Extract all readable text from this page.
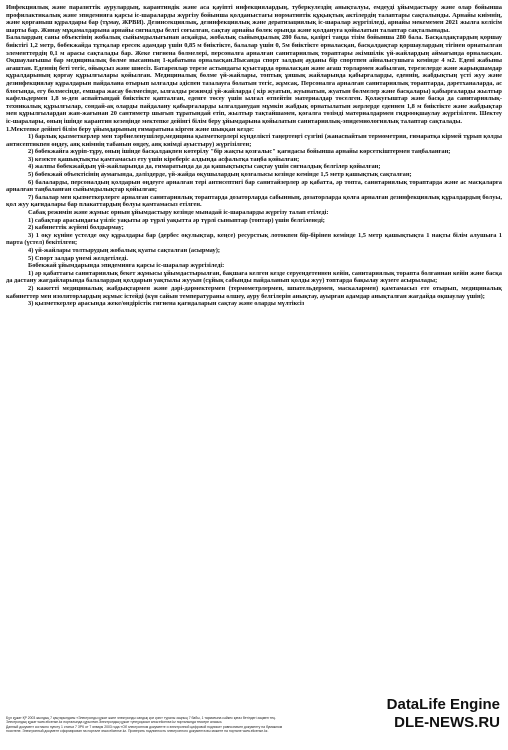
Инфекциялық және паразиттік аурулардың, карантиндік және аса қауіпті инфекциялардың, туберкулездің анықталуы, емдеуді ұйымдастыру және олар бойынша профилактикалық және эпидемияға қарсы іс-шараларды жүргізу бойынша қолданыстағы нормативтік құқықтық актілердің талаптары сақталынды. Арнайы киімнің, және қорғаныш құралдары бар (тұмау, ЖРВИ). Дезинсекциялық, дезинфекциялық және дератизациялық іс-шаралар жүргізіледі, арнайы мекемемен 2021 жылға келісім шарты бар. Жинау мұқамалдарына арнайы сигналды белгі соғылған, сақтау арнайы бөлек орында және қолдануға қойылатын талаптар сақталынады.

Балалардың саны объектінің жобалық сыйымдылығынан асқайды, жобалық сыйымдылық 280 бала, қазіргі таңда тізім бойынша 280 бала. Басқалдақтардың қоршау биіктігі 1,2 метр, бөбекжайда тұтқалар ересек адамдар үшін 0,85 м биіктікте, балалар үшін 0, 5м биіктікте орналасқан, басқалдақтар қоршаулардың тігінен орнатылған элементтердің 0,1 м арасы сақталады бар. Жеке гигиена бөлмелері, персоналға арналған санитариялық тораптары әкімшілік үй-жайлардың аймағында орналасқан. Оқшаулағышы бар медициналық бөлме нысанның 1-қабатына орналасқан.Нысанда спорт залдың ауданы бір спортпен айналысушыға кемінде 4 м2. Еденi жабыны ағаштан. Еденнің беті тегіс, ойықсыз және шиесіз. Батареялар терезе астындағы қуыстарда орналасқан және ағаш торлармен жабылған, терезелерде және жарықшамдар құралдарының қорғау құрылғылары қойылған. Медициналық бөлме үй-жайлары, топтық ұяшық жайларында қабырғаларды, еденнің, жабдықтың үсті жуу және дезинфекциялау құралдарын пайдалана отырып ылғалды әдіспен тазалауға болатын тегіс, жұмсақ. Персоналға арналған санитариялық тораптарда, дәретханаларда, ас блогында, егу бөлмесінде, емшара жасау бөлмесінде, ылғалды режимді үй-жайларда ( кір жуатын, жуынатын, жуатын бөлмелер және басқалары) қабырғаларды жылтыр кафельдермен 1,8 м-ден аспайтындай биіктікте қапталған, еденге төсеу үшін ылғал өтпейтін материалдар төселген. Қолжуғыштар және басқа да санитариялық-техникалық құрылғылар, сондай-ақ оларды пайдалану қабырғаларды ылғалданудан мұмкін жабдық орнатылатын жерлерде еденнен 1,8 м биіктікте және жабдықтар мен құрылғылардан жан-жағынан 20 сантиметр шығып тұратындай етіп, жылтыр тақтайшамен, қоғалға төзімді материалдармен гидрооқшаулау жүргізілген. Шектеу іс-шаралары, оның ішінде карантин кезеңінде мектепке дейінгі білім беру ұйымдарына қойылатын санитариялық-эпидемиологиялық талаптар сақталады.

1.Мектепке дейінгі білім беру ұйымдарының ғимаратына кірген және шыққан кезде:

1) барлық қызметкерлер мен тәрбиеленушілер,медицина қызметкерлері күнделікті таңертеңгі сүзгіні (жанаспайтын термометрия, ғимаратқа кірмей тұрып қолды антисептикпен өңдеу, аяқ киімнің табанын өңдеу, аяқ киімді ауыстыру) жүргізілген;

2) бөбекжайға жүріп-тұру, оның ішінде басқалдақпен көтерілу "бір жақты қозғалыс" қағидасы бойынша арнайы көрсеткіштермен таңбаланған;

3) кезекте қашықтықты қамтамасыз ету үшін кіреберіс алдында асфальтқа таңба қойылған;

4) жалпы бөбекжайдың үй-жайларында да, ғимаратында да да қашықтықты сақтау үшін сигналдық белгілер қойылған;

5) бөбекжай объектісінің аумағында, дәліздерде, үй-жайда оқушылардың қозғалысы кезінде кемінде 1,5 метр қашықтық сақталған;

6) балаларды, персоналдың қолдарын өңдеуге арналған тері антисептигі бар санитайзерлер әр қабатта, әр топта, санитариялық тораптарда және ас масқаларға арналған таңбаланған сыйымдылықтар қойылған;

7) балалар мен қызметкерлерге арналған санитариялық тораптарда дозаторларда сабынның, дозаторларда қолға арналған дезинфекциялық құралдардың болуы, қол жуу қағидалары бар плакаттардың болуы қамтамасыз етілген.

Сабақ режимін және жұмыс орнын ұйымдастыру кезінде мынадай іс-шараларды жүргізу талап етіледі:

1) сабақтар арасындағы үзіліс уақыты әр түрлі уақытта әр түрлі сыныптар (топтар) үшін белгіленеді;

2) кабинеттік жүйені болдырмау;

3) 1 оқу күніне үстелде оқу құралдары бар (дербес оқулықтар, кеңсе) ресурстық лотокпен бір-бірінен кемінде 1,5 метр қашықтықта 1 нақты білім алушыға 1 парта (үстел) бекітілген;

4) үй-жайлары толтырудың жобалық қуаты сақталған (асырмау);

5) Спорт залдар үнемі желдетіледі.

Бөбекжай ұйымдарында эпидемияға қарсы іс-шаралар жүргізіледі:

1) әр қабаттағы санитариялық бекет жұмысы ұйымдастырылған, бақшаға келген кезде серуендетеннен кейін, санитариялық торапта болғаннан кейін және басқа да дастану жағдайларында балалардың қолдарын уақтылы жууын (сұйық сабынды пайдаланып қолды жуу) топтарда бақылау жүзеге асырылады;

2) кажетті медициналық жабдықтармен және дәрі-дәрмектермен (термометрлермен, шпательдермен, маскалармен) қамтамасыз ете отырып, медициналық кабинеттер мен изоляторлардың жұмыс істейді (күн сайын температураны өлшеу, ауру белгілерін анықтау, ауырған адамдар анықталған жағдайда оқшаулау үшін);

3) қызметкерлер арасында жеке/өндірістік гигиена қағидаларын сақтау және оларды мүлтіксіз

Бұл құжат ҚР 2003 жылдың 7 қаңтарындағы «Электронды құжат және электронды сандық қол қою» туралы заңның 7 бабы, 1 тармағына сәйкес қағаз бетіндегі заңмен тең.
Электрондық құжат www.elicense.kz порталында құрылған.Электрондық құжат түпнұсқасын www.elicense.kz порталында тексере аласыз.
Данный документ согласно пункту 1 статьи 7 ЗРК от 7 января 2003 года «Об электронном документе и электронной цифровой подписи» равнозначен документу на бумажном
носителе. Электронный документ сформирован на портале www.elicense.kz. Проверить подлинность электронного документа вы можете на портале www.elicense.kz.
DataLife Engine
DLE-NEWS.RU
